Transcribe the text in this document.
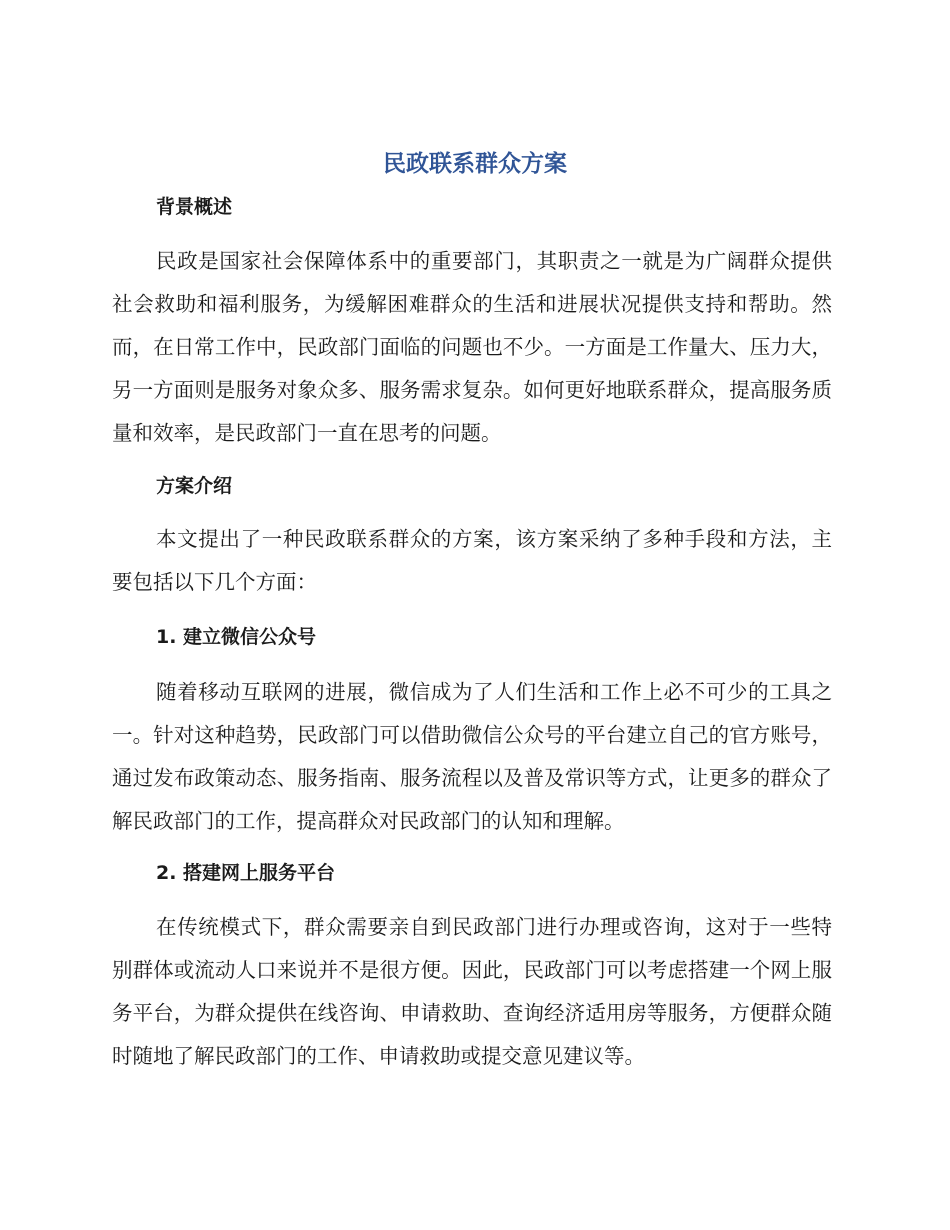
民政联系群众方案
背景概述

民政是国家社会保障体系中的重要部门，其职责之一就是为广阔群众提供社会救助和福利服务，为缓解困难群众的生活和进展状况提供支持和帮助。然而，在日常工作中，民政部门面临的问题也不少。一方面是工作量大、压力大，另一方面则是服务对象众多、服务需求复杂。如何更好地联系群众，提高服务质量和效率，是民政部门一直在思考的问题。

方案介绍

本文提出了一种民政联系群众的方案，该方案采纳了多种手段和方法，主要包括以下几个方面：

1. 建立微信公众号

随着移动互联网的进展，微信成为了人们生活和工作上必不可少的工具之一。针对这种趋势，民政部门可以借助微信公众号的平台建立自己的官方账号，通过发布政策动态、服务指南、服务流程以及普及常识等方式，让更多的群众了解民政部门的工作，提高群众对民政部门的认知和理解。

2. 搭建网上服务平台

在传统模式下，群众需要亲自到民政部门进行办理或咨询，这对于一些特别群体或流动人口来说并不是很方便。因此，民政部门可以考虑搭建一个网上服务平台，为群众提供在线咨询、申请救助、查询经济适用房等服务，方便群众随时随地了解民政部门的工作、申请救助或提交意见建议等。
